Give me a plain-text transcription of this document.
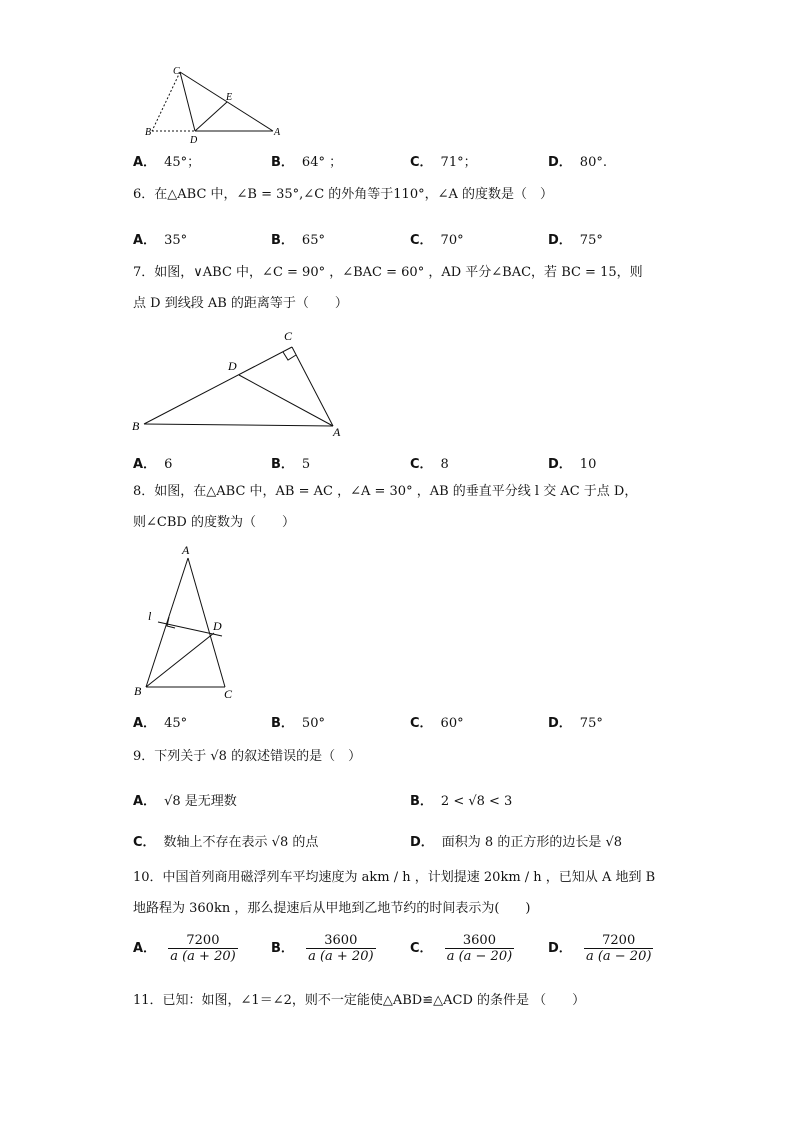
C
E
B
D
A
A． 45°；	B． 64° ；	C． 71°；	D． 80°.
6．在△ABC 中，∠B = 35°,∠C 的外角等于110°，∠A 的度数是（　）
A． 35°	B． 65°	C． 70°	D． 75°
7．如图，∨ABC 中，∠C = 90° ，∠BAC = 60° ，AD 平分∠BAC，若 BC = 15，则
点 D 到线段 AB 的距离等于（　　）
C
D
B	A
A． 6	B． 5	C． 8	D． 10
8．如图，在△ABC 中，AB = AC ，∠A = 30° ，AB 的垂直平分线 l 交 AC 于点 D，
则∠CBD 的度数为（　　）
A
l
D
B	C
A． 45°	B． 50°	C． 60°	D． 75°
9．下列关于 √8 的叙述错误的是（　）
A． √8 是无理数	B． 2 < √8 < 3
C． 数轴上不存在表示 √8 的点	D． 面积为 8 的正方形的边长是 √8
10．中国首列商用磁浮列车平均速度为 akm / h ，计划提速 20km / h ，已知从 A 地到 B
地路程为 360kn ，那么提速后从甲地到乙地节约的时间表示为(　　)
A． $\frac{7200}{a (a + 20)}$	B． $\frac{3600}{a (a + 20)}$	C． $\frac{3600}{a (a - 20)}$	D． $\frac{7200}{a (a - 20)}$
11．已知：如图，∠1＝∠2，则不一定能使△ABD≌△ACD 的条件是 （　　）
